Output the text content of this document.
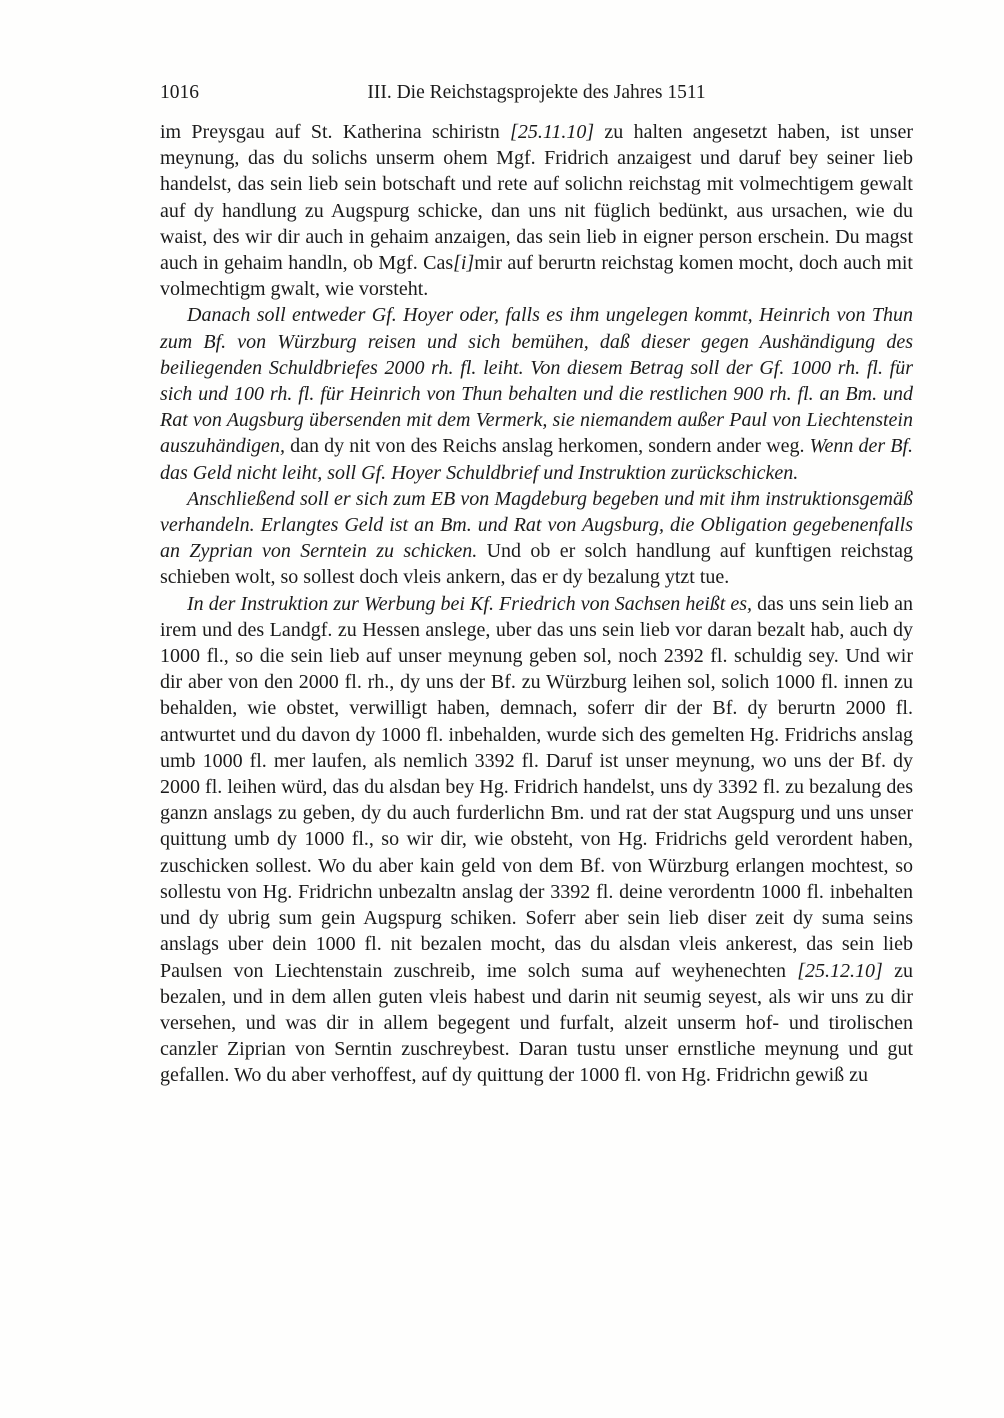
1016	III. Die Reichstagsprojekte des Jahres 1511

im Preysgau auf St. Katherina schiristn [25.11.10] zu halten angesetzt haben, ist unser meynung, das du solichs unserm ohem Mgf. Fridrich anzaigest und daruf bey seiner lieb handelst, das sein lieb sein botschaft und rete auf solichn reichstag mit volmechtigem gewalt auf dy handlung zu Augspurg schicke, dan uns nit füglich bedünkt, aus ursachen, wie du waist, des wir dir auch in gehaim anzaigen, das sein lieb in eigner person erschein. Du magst auch in gehaim handln, ob Mgf. Cas[i]mir auf berurtn reichstag komen mocht, doch auch mit volmechtigm gwalt, wie vorsteht.

Danach soll entweder Gf. Hoyer oder, falls es ihm ungelegen kommt, Heinrich von Thun zum Bf. von Würzburg reisen und sich bemühen, daß dieser gegen Aushändigung des beiliegenden Schuldbriefes 2000 rh. fl. leiht. Von diesem Betrag soll der Gf. 1000 rh. fl. für sich und 100 rh. fl. für Heinrich von Thun behalten und die restlichen 900 rh. fl. an Bm. und Rat von Augsburg übersenden mit dem Vermerk, sie niemandem außer Paul von Liechtenstein auszuhändigen, dan dy nit von des Reichs anslag herkomen, sondern ander weg. Wenn der Bf. das Geld nicht leiht, soll Gf. Hoyer Schuldbrief und Instruktion zurückschicken.

Anschließend soll er sich zum EB von Magdeburg begeben und mit ihm instruktionsgemäß verhandeln. Erlangtes Geld ist an Bm. und Rat von Augsburg, die Obligation gegebenenfalls an Zyprian von Serntein zu schicken. Und ob er solch handlung auf kunftigen reichstag schieben wolt, so sollest doch vleis ankern, das er dy bezalung ytzt tue.

In der Instruktion zur Werbung bei Kf. Friedrich von Sachsen heißt es, das uns sein lieb an irem und des Landgf. zu Hessen anslege, uber das uns sein lieb vor daran bezalt hab, auch dy 1000 fl., so die sein lieb auf unser meynung geben sol, noch 2392 fl. schuldig sey. Und wir dir aber von den 2000 fl. rh., dy uns der Bf. zu Würzburg leihen sol, solich 1000 fl. innen zu behalden, wie obstet, verwilligt haben, demnach, soferr dir der Bf. dy berurtn 2000 fl. antwurtet und du davon dy 1000 fl. inbehalden, wurde sich des gemelten Hg. Fridrichs anslag umb 1000 fl. mer laufen, als nemlich 3392 fl. Daruf ist unser meynung, wo uns der Bf. dy 2000 fl. leihen würd, das du alsdan bey Hg. Fridrich handelst, uns dy 3392 fl. zu bezalung des ganzn anslags zu geben, dy du auch furderlichn Bm. und rat der stat Augspurg und uns unser quittung umb dy 1000 fl., so wir dir, wie obsteht, von Hg. Fridrichs geld verordent haben, zuschicken sollest. Wo du aber kain geld von dem Bf. von Würzburg erlangen mochtest, so sollestu von Hg. Fridrichn unbezaltn anslag der 3392 fl. deine verordentn 1000 fl. inbehalten und dy ubrig sum gein Augspurg schiken. Soferr aber sein lieb diser zeit dy suma seins anslags uber dein 1000 fl. nit bezalen mocht, das du alsdan vleis ankerest, das sein lieb Paulsen von Liechtenstain zuschreib, ime solch suma auf weyhenechten [25.12.10] zu bezalen, und in dem allen guten vleis habest und darin nit seumig seyest, als wir uns zu dir versehen, und was dir in allem begegent und furfalt, alzeit unserm hof- und tirolischen canzler Ziprian von Serntin zuschreybest. Daran tustu unser ernstliche meynung und gut gefallen. Wo du aber verhoffest, auf dy quittung der 1000 fl. von Hg. Fridrichn gewiß zu
